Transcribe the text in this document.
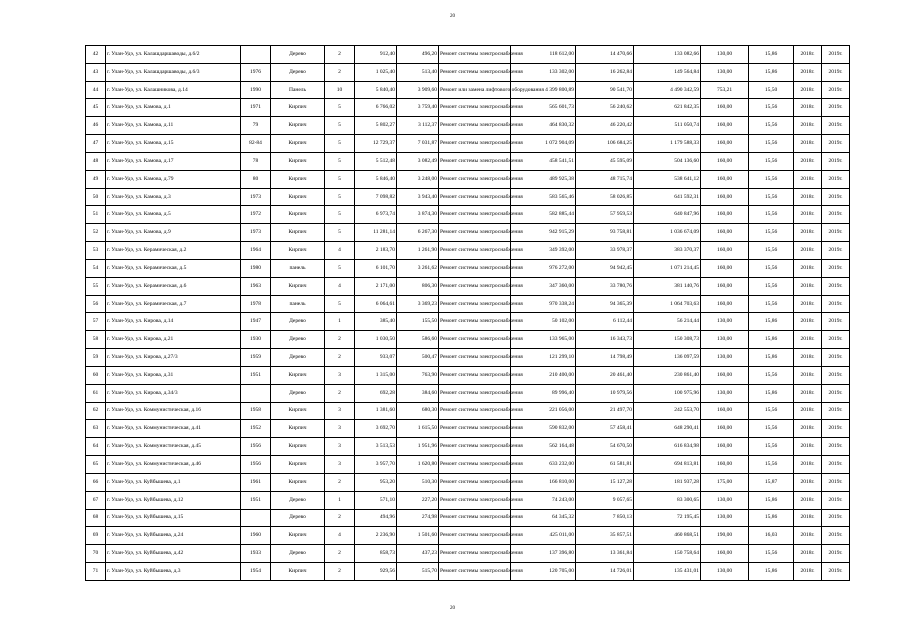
20
42	г. Улан-Удэ, ул. Калашдаршаводы, д.6/2		Дерево	2	912,40	496,20	Ремонт системы электроснабжения	118 612,00	14 470,66	133 082,66	130,00	15,86	2018г.	2019г.
43	г. Улан-Удэ, ул. Калашдаршаводы, д.6/3	1976	Дерево	2	1 025,40	513,40	Ремонт системы электроснабжения	133 302,00	16 262,84	149 564,84	130,00	15,86	2018г.	2019г.
44	г. Улан-Удэ, ул. Калашникова, д.14	1990	Панель	10	5 840,40	3 909,60	Ремонт или замена лифтового оборудования	4 399 800,89	90 541,70	4 490 342,59	753,21	15,50	2018г.	2019г.
45	г. Улан-Удэ, ул. Камова, д.1	1971	Кирпич	5	6 766,02	3 759,40	Ремонт системы электроснабжения	565 601,73	56 240,62	621 842,35	160,00	15,56	2018г.	2019г.
46	г. Улан-Удэ, ул. Камова, д.11	79	Кирпич	5	5 802,27	3 112,37	Ремонт системы электроснабжения	464 830,32	46 220,42	511 050,74	160,00	15,56	2018г.	2019г.
47	г. Улан-Удэ, ул. Камова, д.15	82-84	Кирпич	5	12 729,37	7 031,87	Ремонт системы электроснабжения	1 072 904,09	106 684,25	1 179 588,33	160,00	15,56	2018г.	2019г.
48	г. Улан-Удэ, ул. Камова, д.17	78	Кирпич	5	5 512,48	3 082,49	Ремонт системы электроснабжения	458 541,51	45 595,09	504 136,60	160,00	15,56	2018г.	2019г.
49	г. Улан-Удэ, ул. Камова, д.79	80	Кирпич	5	5 846,40	3 248,00	Ремонт системы электроснабжения	489 925,38	48 715,74	538 641,12	160,00	15,56	2018г.	2019г.
50	г. Улан-Удэ, ул. Камова, д.3	1973	Кирпич	5	7 098,82	3 943,40	Ремонт системы электроснабжения	583 565,46	58 026,85	641 592,31	160,00	15,56	2018г.	2019г.
51	г. Улан-Удэ, ул. Камова, д.5	1972	Кирпич	5	6 973,74	3 874,30	Ремонт системы электроснабжения	582 885,44	57 959,53	640 847,96	160,00	15,56	2018г.	2019г.
52	г. Улан-Удэ, ул. Камова, д.9	1973	Кирпич	5	11 281,14	6 267,30	Ремонт системы электроснабжения	942 915,29	93 758,81	1 036 674,09	160,00	15,56	2018г.	2019г.
53	г. Улан-Удэ, ул. Керамическая, д.2	1964	Кирпич	4	2 183,70	1 261,90	Ремонт системы электроснабжения	349 392,00	33 978,37	383 370,37	160,00	15,56	2018г.	2019г.
54	г. Улан-Удэ, ул. Керамическая, д.5	1980	панель	5	6 101,70	3 261,62	Ремонт системы электроснабжения	976 272,00	94 942,45	1 071 214,45	160,00	15,56	2018г.	2019г.
55	г. Улан-Удэ, ул. Керамическая, д.6	1963	Кирпич	4	2 171,00	806,30	Ремонт системы электроснабжения	347 360,00	33 780,76	381 140,76	160,00	15,56	2018г.	2019г.
56	г. Улан-Удэ, ул. Керамическая, д.7	1978	панель	5	6 064,61	3 369,23	Ремонт системы электроснабжения	970 338,24	94 365,39	1 064 703,63	160,00	15,56	2018г.	2019г.
57	г. Улан-Удэ, ул. Кирова, д.14	1947	Дерево	1	385,40	155,50	Ремонт системы электроснабжения	50 102,00	6 112,44	56 214,44	130,00	15,86	2018г.	2019г.
58	г. Улан-Удэ, ул. Кирова, д.21	1930	Дерево	2	1 030,50	586,60	Ремонт системы электроснабжения	133 965,00	16 343,73	150 308,73	130,00	15,86	2018г.	2019г.
59	г. Улан-Удэ, ул. Кирова, д.27/3	1959	Дерево	2	933,07	500,47	Ремонт системы электроснабжения	121 299,10	14 798,49	136 097,59	130,00	15,86	2018г.	2019г.
60	г. Улан-Удэ, ул. Кирова, д.31	1951	Кирпич	3	1 315,00	763,90	Ремонт системы электроснабжения	210 400,00	20 461,40	230 861,40	160,00	15,56	2018г.	2019г.
61	г. Улан-Удэ, ул. Кирова, д.34/3		Дерево	2	692,28	384,60	Ремонт системы электроснабжения	89 996,40	10 979,56	100 975,96	130,00	15,86	2018г.	2019г.
62	г. Улан-Удэ, ул. Коммунистическая, д.16	1958	Кирпич	3	1 381,60	680,30	Ремонт системы электроснабжения	221 056,00	21 497,70	242 553,70	160,00	15,56	2018г.	2019г.
63	г. Улан-Удэ, ул. Коммунистическая, д.41	1952	Кирпич	3	3 692,70	1 615,50	Ремонт системы электроснабжения	590 832,00	57 458,41	648 290,41	160,00	15,56	2018г.	2019г.
64	г. Улан-Удэ, ул. Коммунистическая, д.45	1956	Кирпич	3	3 513,53	1 951,96	Ремонт системы электроснабжения	562 164,48	54 670,50	616 834,98	160,00	15,56	2018г.	2019г.
65	г. Улан-Удэ, ул. Коммунистическая, д.46	1956	Кирпич	3	3 957,70	1 620,80	Ремонт системы электроснабжения	633 232,00	61 581,81	694 813,81	160,00	15,56	2018г.	2019г.
66	г. Улан-Удэ, ул. Куйбышева, д.1	1961	Кирпич	2	953,20	510,30	Ремонт системы электроснабжения	166 810,00	15 127,28	181 937,28	175,00	15,87	2018г.	2019г.
67	г. Улан-Удэ, ул. Куйбышева, д.12	1951	Дерево	1	571,10	227,20	Ремонт системы электроснабжения	74 243,00	9 057,65	83 300,65	130,00	15,86	2018г.	2019г.
68	г. Улан-Удэ, ул. Куйбышева, д.15		Дерево	2	494,96	274,98	Ремонт системы электроснабжения	64 345,32	7 850,13	72 195,45	130,00	15,86	2018г.	2019г.
69	г. Улан-Удэ, ул. Куйбышева, д.24	1960	Кирпич	4	2 236,90	1 501,60	Ремонт системы электроснабжения	425 011,00	35 857,51	460 868,51	190,00	16,03	2018г.	2019г.
70	г. Улан-Удэ, ул. Куйбышева, д.42	1933	Дерево	2	858,73	437,23	Ремонт системы электроснабжения	137 396,80	13 361,84	150 758,64	160,00	15,56	2018г.	2019г.
71	г. Улан-Удэ, ул. Куйбышева, д.3	1954	Кирпич	2	929,56	515,70	Ремонт системы электроснабжения	120 705,00	14 726,01	135 431,01	130,00	15,86	2018г.	2019г.
20
